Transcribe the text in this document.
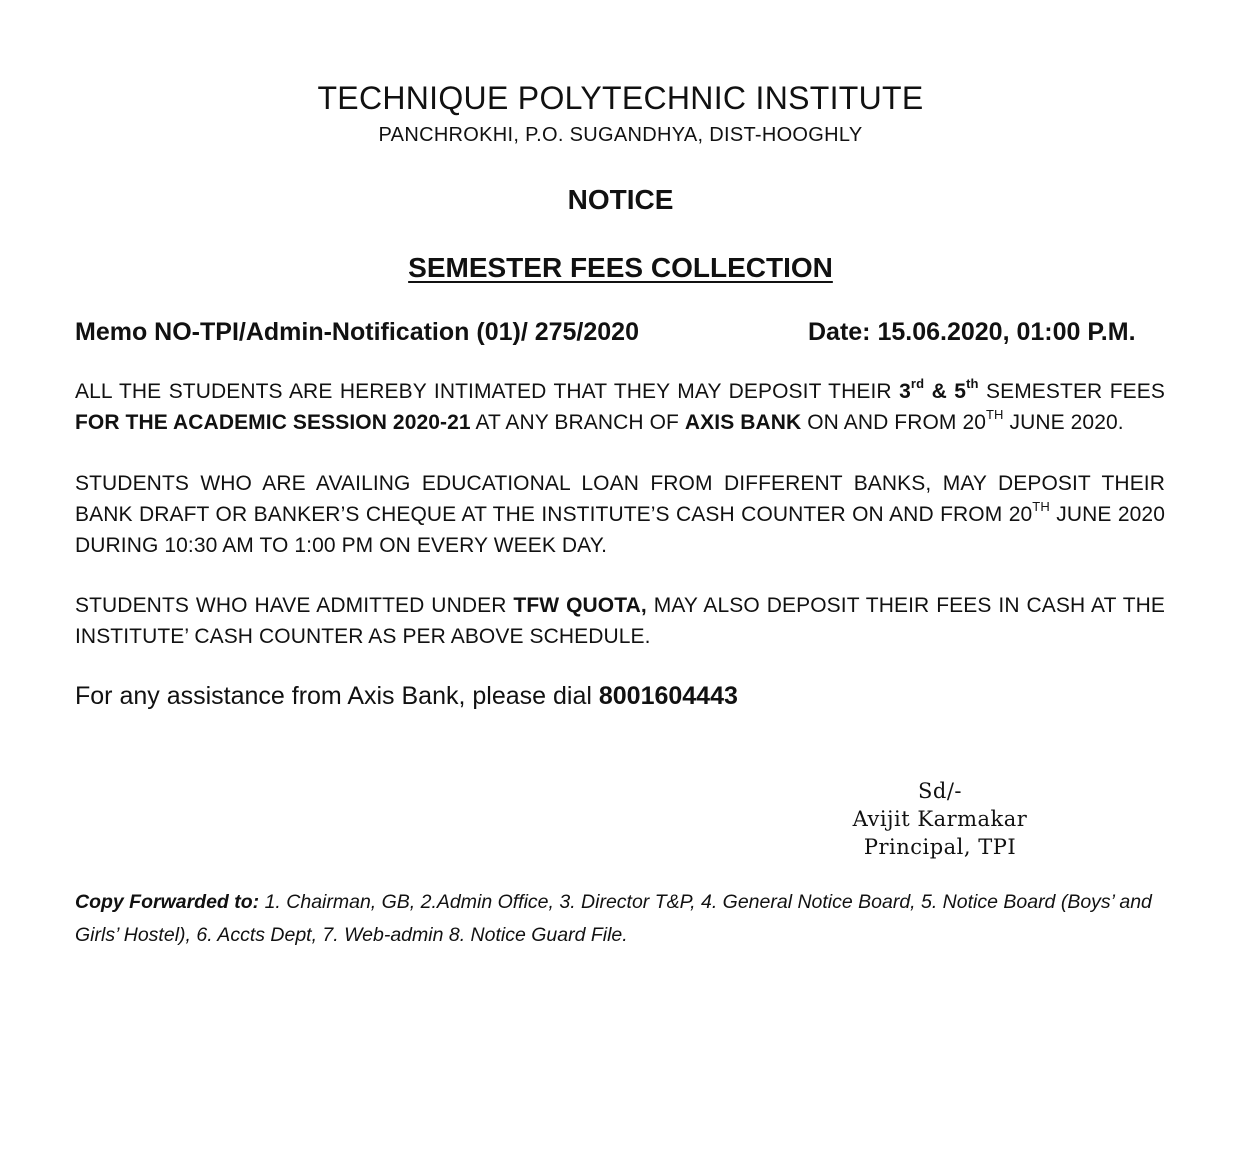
TECHNIQUE POLYTECHNIC INSTITUTE
PANCHROKHI, P.O. SUGANDHYA, DIST-HOOGHLY
NOTICE
SEMESTER FEES COLLECTION
Memo NO-TPI/Admin-Notification (01)/ 275/2020	Date: 15.06.2020, 01:00 P.M.
ALL THE STUDENTS ARE HEREBY INTIMATED THAT THEY MAY DEPOSIT THEIR 3rd & 5th SEMESTER FEES FOR THE ACADEMIC SESSION 2020-21 AT ANY BRANCH OF AXIS BANK ON AND FROM 20TH JUNE 2020.
STUDENTS WHO ARE AVAILING EDUCATIONAL LOAN FROM DIFFERENT BANKS, MAY DEPOSIT THEIR BANK DRAFT OR BANKER’S CHEQUE AT THE INSTITUTE’S CASH COUNTER ON AND FROM 20TH JUNE 2020 DURING 10:30 AM TO 1:00 PM ON EVERY WEEK DAY.
STUDENTS WHO HAVE ADMITTED UNDER TFW QUOTA, MAY ALSO DEPOSIT THEIR FEES IN CASH AT THE INSTITUTE’ CASH COUNTER AS PER ABOVE SCHEDULE.
For any assistance from Axis Bank, please dial 8001604443
Sd/-
Avijit Karmakar
Principal, TPI
Copy Forwarded to: 1. Chairman, GB, 2.Admin Office, 3. Director T&P, 4. General Notice Board, 5. Notice Board (Boys’ and Girls’ Hostel), 6. Accts Dept, 7. Web-admin 8. Notice Guard File.
